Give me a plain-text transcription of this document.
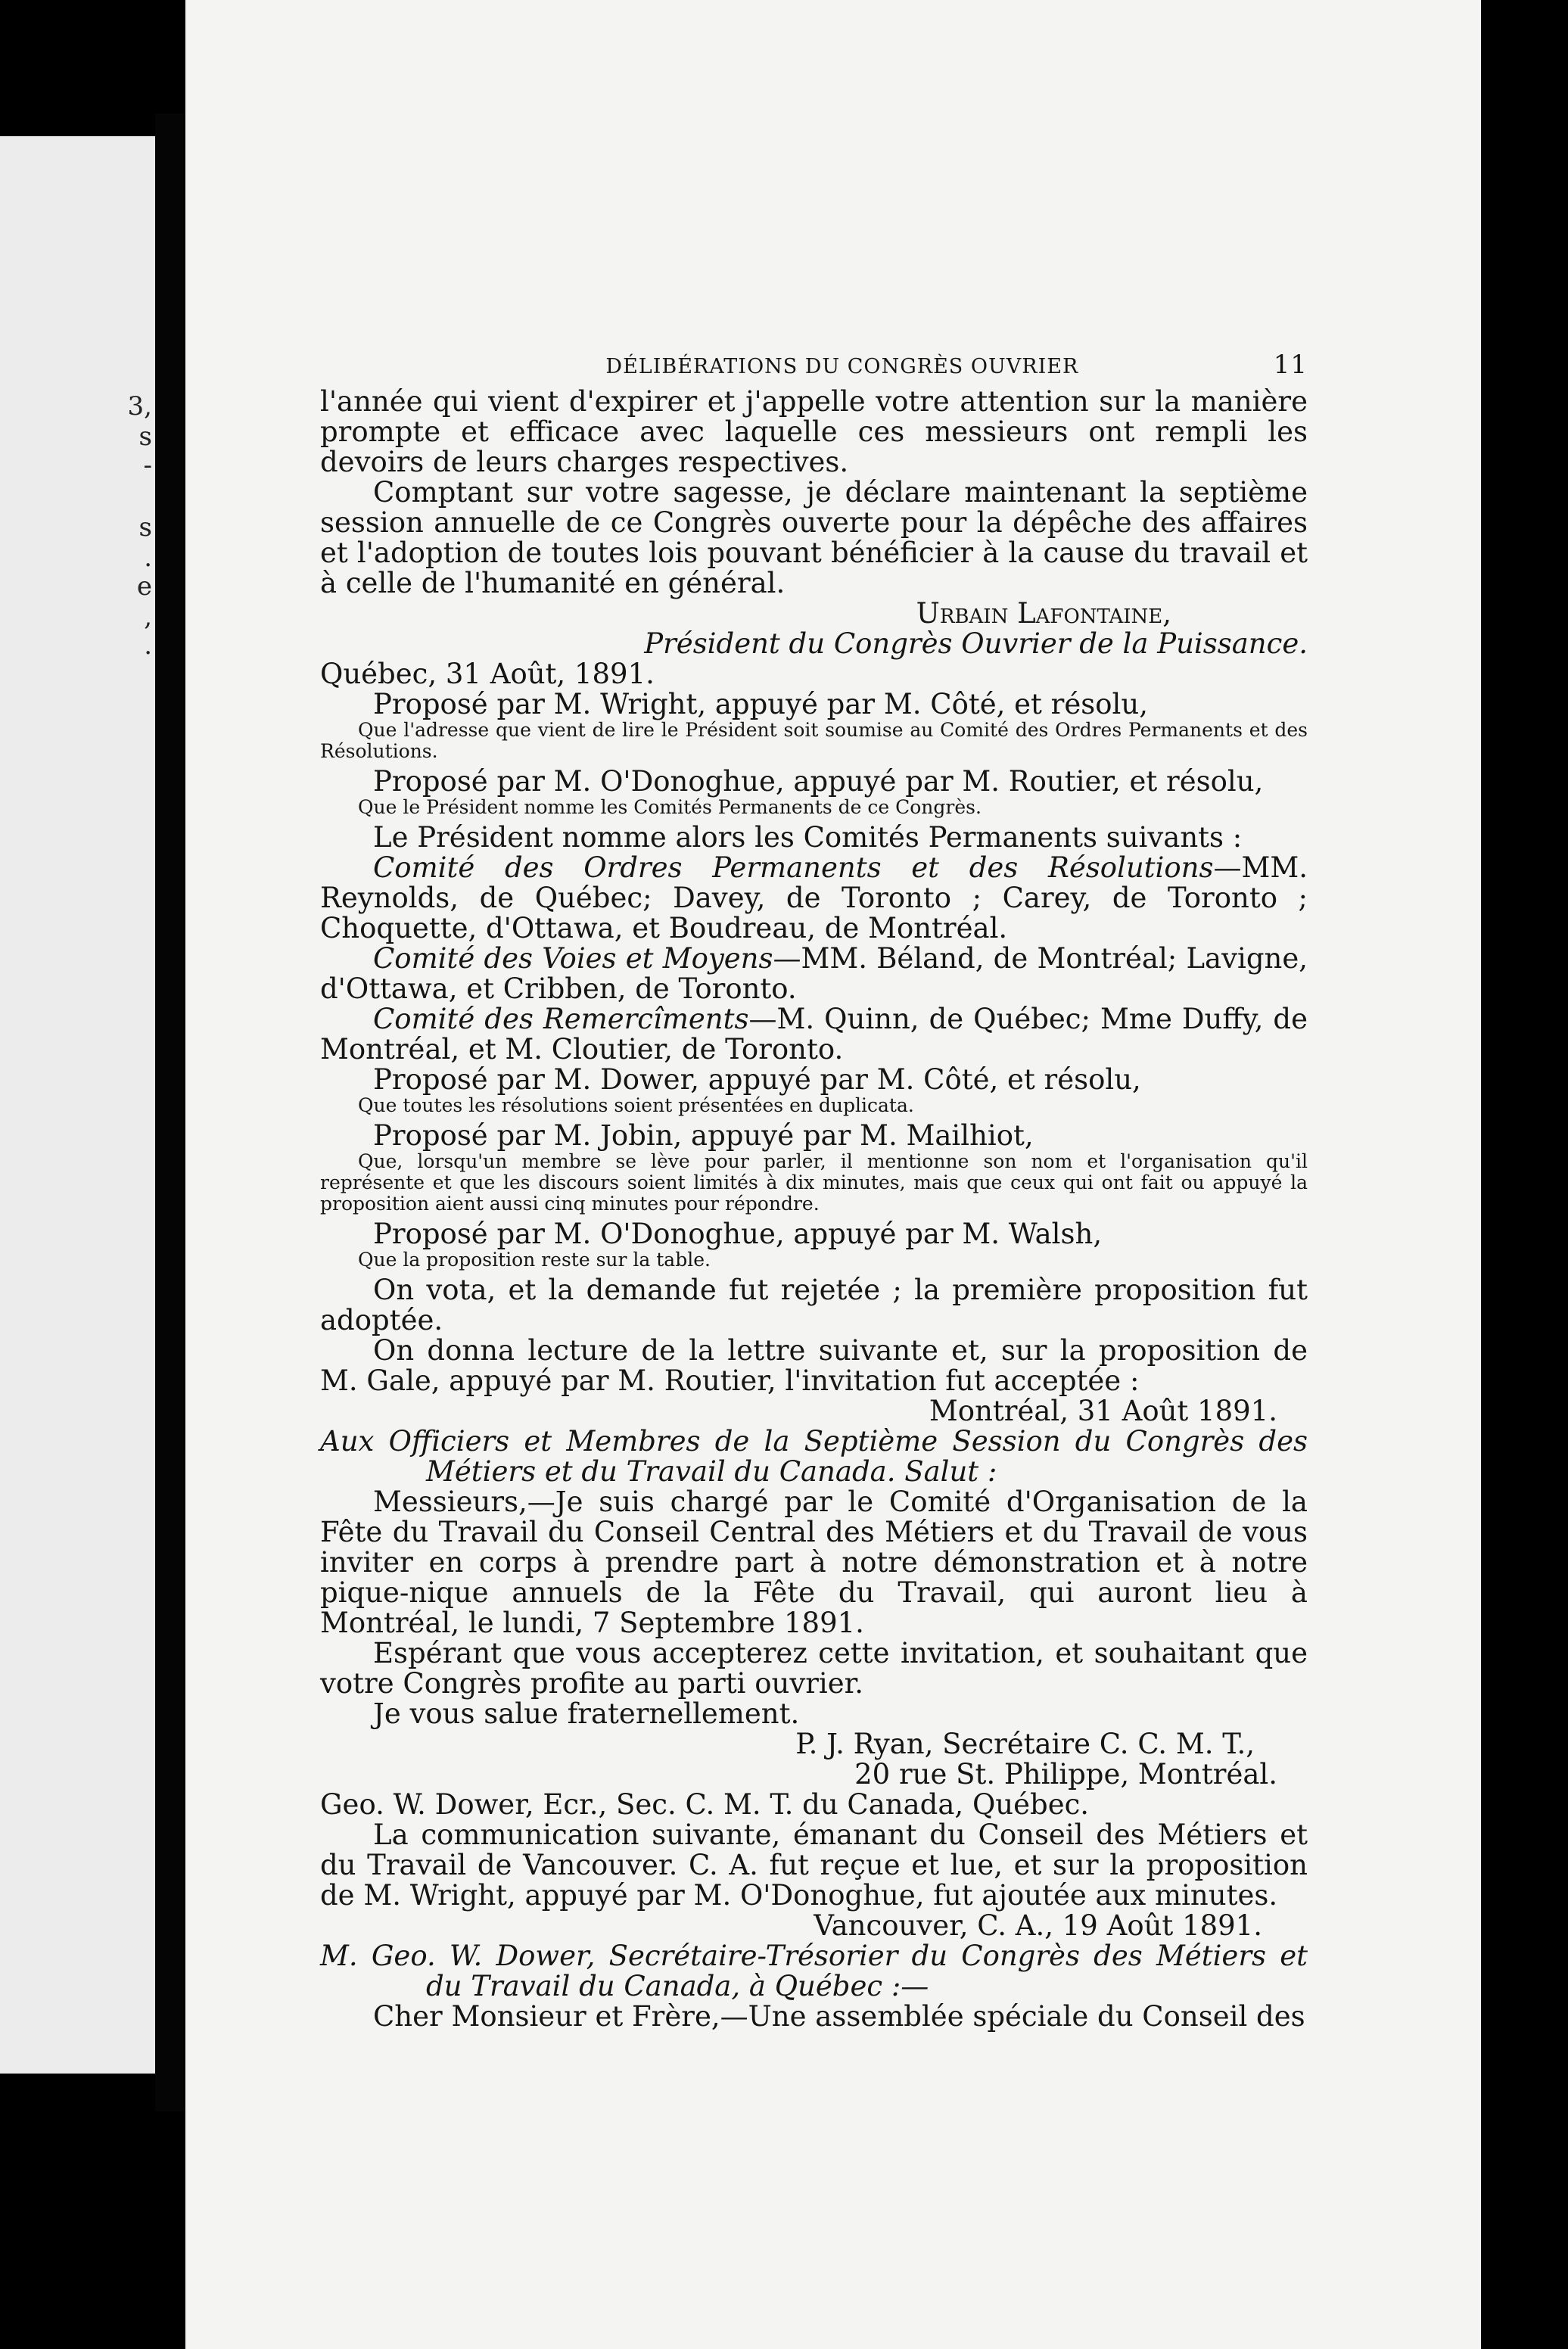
3,
s
-
s
.
e
,
.
DÉLIBÉRATIONS DU CONGRÈS OUVRIER	11

l'année qui vient d'expirer et j'appelle votre attention sur la manière prompte et efficace avec laquelle ces messieurs ont rempli les devoirs de leurs charges respectives.

Comptant sur votre sagesse, je déclare maintenant la septième session annuelle de ce Congrès ouverte pour la dépêche des affaires et l'adoption de toutes lois pouvant bénéficier à la cause du travail et à celle de l'humanité en général.

Urbain Lafontaine,

Président du Congrès Ouvrier de la Puissance.

Québec, 31 Août, 1891.

Proposé par M. Wright, appuyé par M. Côté, et résolu,

Que l'adresse que vient de lire le Président soit soumise au Comité des Ordres Permanents et des Résolutions.

Proposé par M. O'Donoghue, appuyé par M. Routier, et résolu,

Que le Président nomme les Comités Permanents de ce Congrès.

Le Président nomme alors les Comités Permanents suivants :

Comité des Ordres Permanents et des Résolutions—MM. Reynolds, de Québec; Davey, de Toronto ; Carey, de Toronto ; Choquette, d'Ottawa, et Boudreau, de Montréal.

Comité des Voies et Moyens—MM. Béland, de Montréal; Lavigne, d'Ottawa, et Cribben, de Toronto.

Comité des Remercîments—M. Quinn, de Québec; Mme Duffy, de Montréal, et M. Cloutier, de Toronto.

Proposé par M. Dower, appuyé par M. Côté, et résolu,

Que toutes les résolutions soient présentées en duplicata.

Proposé par M. Jobin, appuyé par M. Mailhiot,

Que, lorsqu'un membre se lève pour parler, il mentionne son nom et l'organisation qu'il représente et que les discours soient limités à dix minutes, mais que ceux qui ont fait ou appuyé la proposition aient aussi cinq minutes pour répondre.

Proposé par M. O'Donoghue, appuyé par M. Walsh,

Que la proposition reste sur la table.

On vota, et la demande fut rejetée ; la première proposition fut adoptée.

On donna lecture de la lettre suivante et, sur la proposition de M. Gale, appuyé par M. Routier, l'invitation fut acceptée :

Montréal, 31 Août 1891.

Aux Officiers et Membres de la Septième Session du Congrès des Métiers et du Travail du Canada. Salut :

Messieurs,—Je suis chargé par le Comité d'Organisation de la Fête du Travail du Conseil Central des Métiers et du Travail de vous inviter en corps à prendre part à notre démonstration et à notre pique-nique annuels de la Fête du Travail, qui auront lieu à Montréal, le lundi, 7 Septembre 1891.

Espérant que vous accepterez cette invitation, et souhaitant que votre Congrès profite au parti ouvrier.

Je vous salue fraternellement.

P. J. Ryan, Secrétaire C. C. M. T.,

20 rue St. Philippe, Montréal.

Geo. W. Dower, Ecr., Sec. C. M. T. du Canada, Québec.

La communication suivante, émanant du Conseil des Métiers et du Travail de Vancouver. C. A. fut reçue et lue, et sur la proposition de M. Wright, appuyé par M. O'Donoghue, fut ajoutée aux minutes.

Vancouver, C. A., 19 Août 1891.

M. Geo. W. Dower, Secrétaire-Trésorier du Congrès des Métiers et du Travail du Canada, à Québec :—

Cher Monsieur et Frère,—Une assemblée spéciale du Conseil des
